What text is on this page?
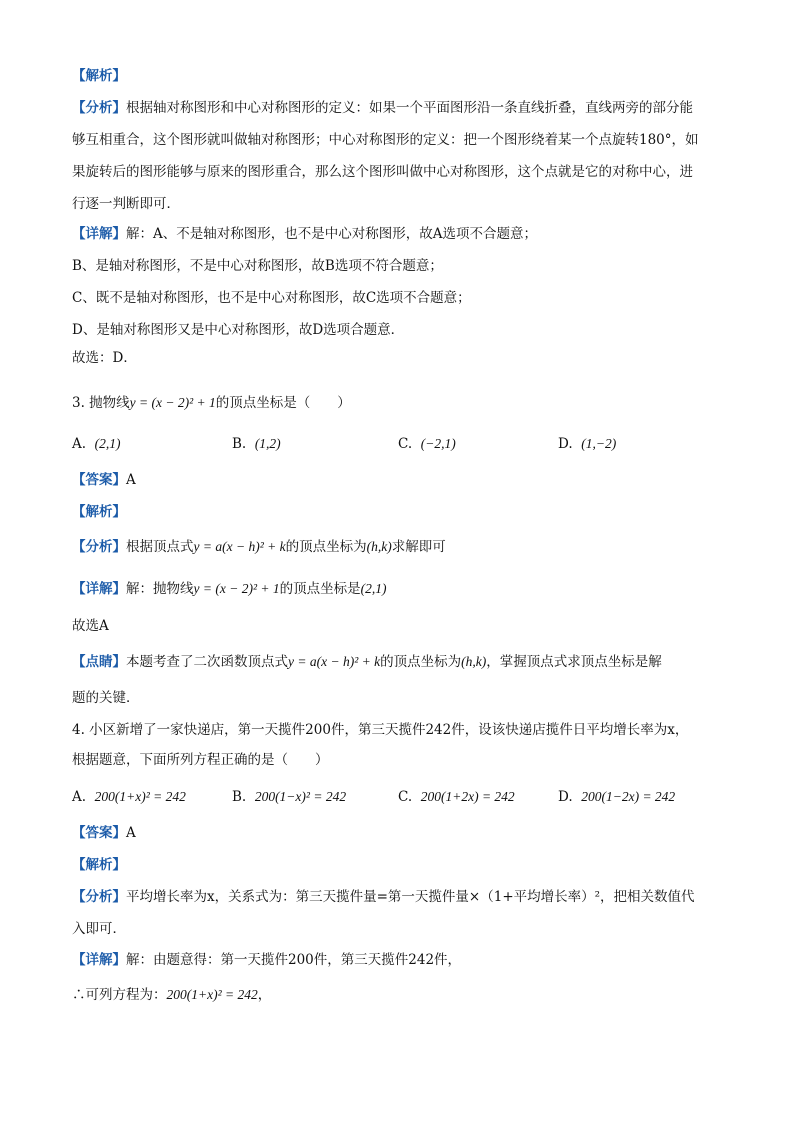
【解析】
【分析】根据轴对称图形和中心对称图形的定义：如果一个平面图形沿一条直线折叠，直线两旁的部分能
够互相重合，这个图形就叫做轴对称图形；中心对称图形的定义：把一个图形绕着某一个点旋转180°，如
果旋转后的图形能够与原来的图形重合，那么这个图形叫做中心对称图形，这个点就是它的对称中心，进
行逐一判断即可．
【详解】解：A、不是轴对称图形，也不是中心对称图形，故A选项不合题意；
B、是轴对称图形，不是中心对称图形，故B选项不符合题意；
C、既不是轴对称图形，也不是中心对称图形，故C选项不合题意；
D、是轴对称图形又是中心对称图形，故D选项合题意．
故选：D．
3. 抛物线y = (x − 2)² + 1的顶点坐标是（　　）
A. (2,1)	B. (1,2)	C. (−2,1)	D. (1,−2)
【答案】A
【解析】
【分析】根据顶点式y = a(x − h)² + k的顶点坐标为(h,k)求解即可
【详解】解：抛物线y = (x − 2)² + 1的顶点坐标是(2,1)
故选A
【点睛】本题考查了二次函数顶点式y = a(x − h)² + k的顶点坐标为(h,k)，掌握顶点式求顶点坐标是解
题的关键．
4. 小区新增了一家快递店，第一天揽件200件，第三天揽件242件，设该快递店揽件日平均增长率为x，
根据题意，下面所列方程正确的是（　　）
A. 200(1+x)² = 242	B. 200(1−x)² = 242	C. 200(1+2x) = 242	D. 200(1−2x) = 242
【答案】A
【解析】
【分析】平均增长率为x，关系式为：第三天揽件量=第一天揽件量×（1+平均增长率）²，把相关数值代
入即可．
【详解】解：由题意得：第一天揽件200件，第三天揽件242件，
∴可列方程为：200(1+x)² = 242，
